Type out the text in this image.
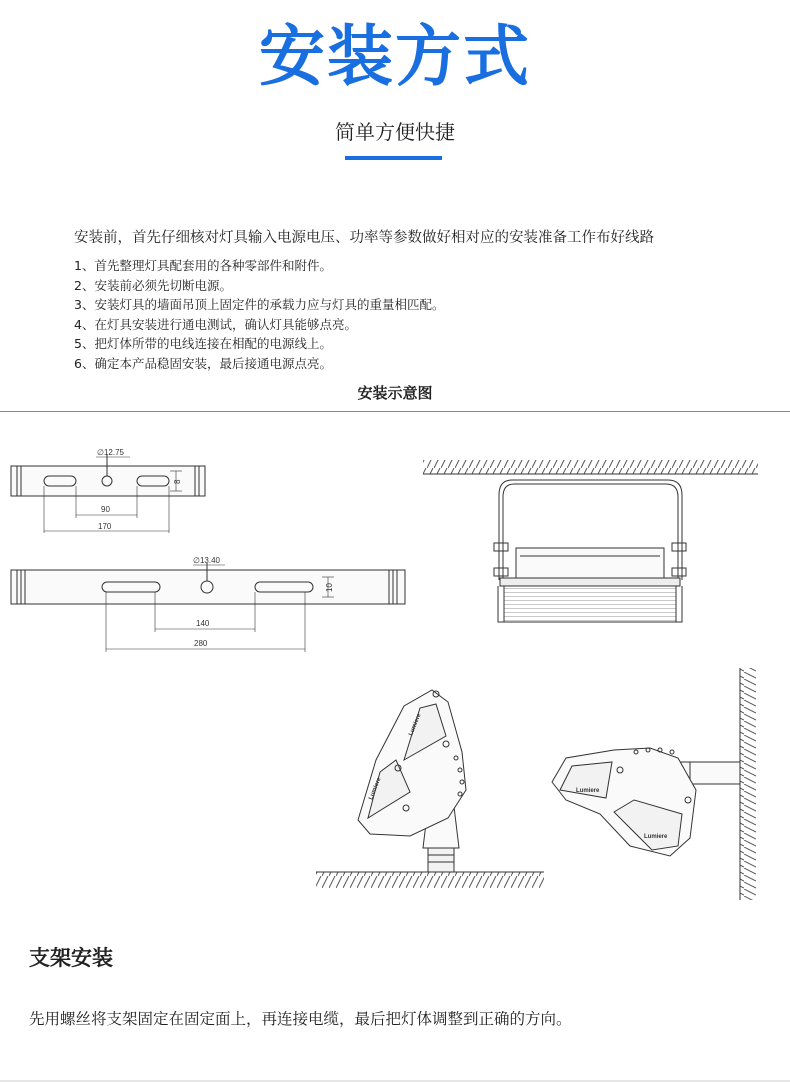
安装方式
简单方便快捷
安装前，首先仔细核对灯具输入电源电压、功率等参数做好相对应的安装准备工作布好线路
1、首先整理灯具配套用的各种零部件和附件。
2、安装前必须先切断电源。
3、安装灯具的墙面吊顶上固定件的承载力应与灯具的重量相匹配。
4、在灯具安装进行通电测试，确认灯具能够点亮。
5、把灯体所带的电线连接在相配的电源线上。
6、确定本产品稳固安装，最后接通电源点亮。
安装示意图
∅12.75
8
90
170
∅13.40
10
140
280
Lumiere
Lumiere
Lumiere
Lumiere
支架安装
先用螺丝将支架固定在固定面上，再连接电缆，最后把灯体调整到正确的方向。
